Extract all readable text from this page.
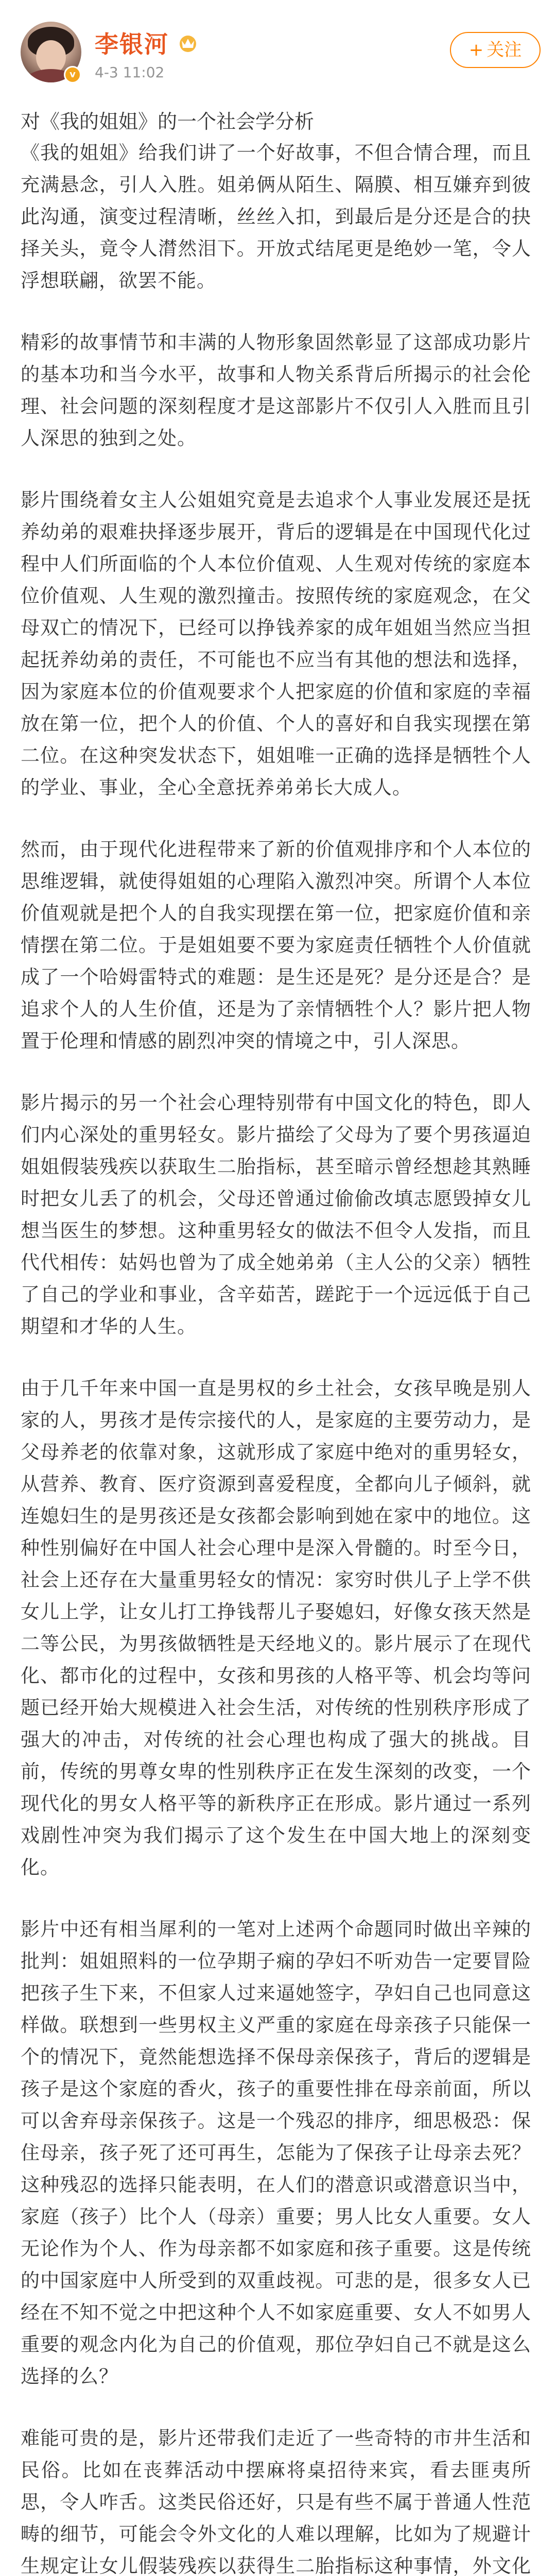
v
李银河
4-3 11:02
+ 关注
对《我的姐姐》的一个社会学分析

《我的姐姐》给我们讲了一个好故事，不但合情合理，而且充满悬念，引人入胜。姐弟俩从陌生、隔膜、相互嫌弃到彼此沟通，演变过程清晰，丝丝入扣，到最后是分还是合的抉择关头，竟令人潸然泪下。开放式结尾更是绝妙一笔，令人浮想联翩，欲罢不能。

精彩的故事情节和丰满的人物形象固然彰显了这部成功影片的基本功和当今水平，故事和人物关系背后所揭示的社会伦理、社会问题的深刻程度才是这部影片不仅引人入胜而且引人深思的独到之处。

影片围绕着女主人公姐姐究竟是去追求个人事业发展还是抚养幼弟的艰难抉择逐步展开，背后的逻辑是在中国现代化过程中人们所面临的个人本位价值观、人生观对传统的家庭本位价值观、人生观的激烈撞击。按照传统的家庭观念，在父母双亡的情况下，已经可以挣钱养家的成年姐姐当然应当担起抚养幼弟的责任，不可能也不应当有其他的想法和选择，因为家庭本位的价值观要求个人把家庭的价值和家庭的幸福放在第一位，把个人的价值、个人的喜好和自我实现摆在第二位。在这种突发状态下，姐姐唯一正确的选择是牺牲个人的学业、事业，全心全意抚养弟弟长大成人。

然而，由于现代化进程带来了新的价值观排序和个人本位的思维逻辑，就使得姐姐的心理陷入激烈冲突。所谓个人本位价值观就是把个人的自我实现摆在第一位，把家庭价值和亲情摆在第二位。于是姐姐要不要为家庭责任牺牲个人价值就成了一个哈姆雷特式的难题：是生还是死？是分还是合？是追求个人的人生价值，还是为了亲情牺牲个人？影片把人物置于伦理和情感的剧烈冲突的情境之中，引人深思。

影片揭示的另一个社会心理特别带有中国文化的特色，即人们内心深处的重男轻女。影片描绘了父母为了要个男孩逼迫姐姐假装残疾以获取生二胎指标，甚至暗示曾经想趁其熟睡时把女儿丢了的机会，父母还曾通过偷偷改填志愿毁掉女儿想当医生的梦想。这种重男轻女的做法不但令人发指，而且代代相传：姑妈也曾为了成全她弟弟（主人公的父亲）牺牲了自己的学业和事业，含辛茹苦，蹉跎于一个远远低于自己期望和才华的人生。

由于几千年来中国一直是男权的乡土社会，女孩早晚是别人家的人，男孩才是传宗接代的人，是家庭的主要劳动力，是父母养老的依靠对象，这就形成了家庭中绝对的重男轻女，从营养、教育、医疗资源到喜爱程度，全都向儿子倾斜，就连媳妇生的是男孩还是女孩都会影响到她在家中的地位。这种性别偏好在中国人社会心理中是深入骨髓的。时至今日，社会上还存在大量重男轻女的情况：家穷时供儿子上学不供女儿上学，让女儿打工挣钱帮儿子娶媳妇，好像女孩天然是二等公民，为男孩做牺牲是天经地义的。影片展示了在现代化、都市化的过程中，女孩和男孩的人格平等、机会均等问题已经开始大规模进入社会生活，对传统的性别秩序形成了强大的冲击，对传统的社会心理也构成了强大的挑战。目前，传统的男尊女卑的性别秩序正在发生深刻的改变，一个现代化的男女人格平等的新秩序正在形成。影片通过一系列戏剧性冲突为我们揭示了这个发生在中国大地上的深刻变化。

影片中还有相当犀利的一笔对上述两个命题同时做出辛辣的批判：姐姐照料的一位孕期子痫的孕妇不听劝告一定要冒险把孩子生下来，不但家人过来逼她签字，孕妇自己也同意这样做。联想到一些男权主义严重的家庭在母亲孩子只能保一个的情况下，竟然能想选择不保母亲保孩子，背后的逻辑是孩子是这个家庭的香火，孩子的重要性排在母亲前面，所以可以舍弃母亲保孩子。这是一个残忍的排序，细思极恐：保住母亲，孩子死了还可再生，怎能为了保孩子让母亲去死？这种残忍的选择只能表明，在人们的潜意识或潜意识当中，家庭（孩子）比个人（母亲）重要；男人比女人重要。女人无论作为个人、作为母亲都不如家庭和孩子重要。这是传统的中国家庭中人所受到的双重歧视。可悲的是，很多女人已经在不知不觉之中把这种个人不如家庭重要、女人不如男人重要的观念内化为自己的价值观，那位孕妇自己不就是这么选择的么？

难能可贵的是，影片还带我们走近了一些奇特的市井生活和民俗。比如在丧葬活动中摆麻将桌招待来宾，看去匪夷所思，令人咋舌。这类民俗还好，只是有些不属于普通人性范畴的细节，可能会令外文化的人难以理解，比如为了规避计生规定让女儿假装残疾以获得生二胎指标这种事情，外文化
